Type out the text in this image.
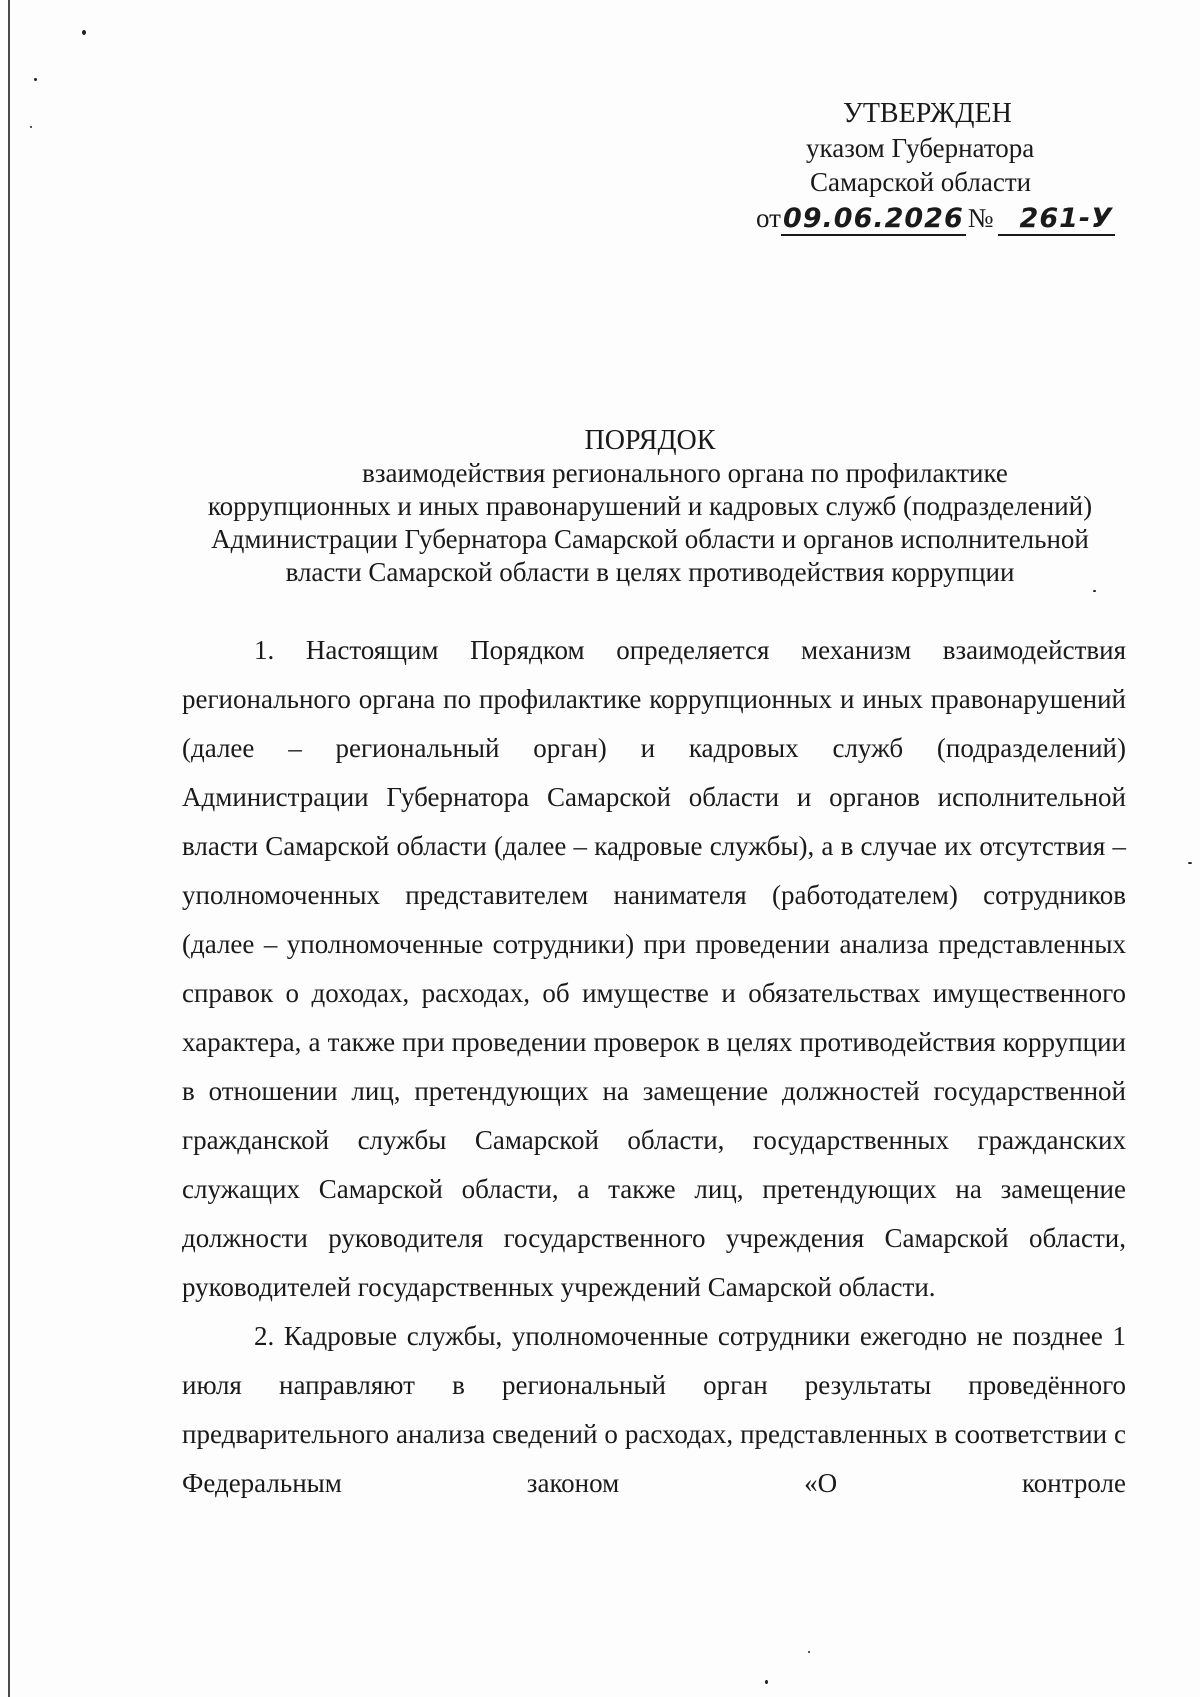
УТВЕРЖДЕН
указом Губернатора
Самарской области
от09.06.2026 № 261-У
ПОРЯДОК
взаимодействия регионального органа по профилактике
коррупционных и иных правонарушений и кадровых служб (подразделений)
Администрации Губернатора Самарской области и органов исполнительной
власти Самарской области в целях противодействия коррупции

1. Настоящим Порядком определяется механизм взаимодействия регионального органа по профилактике коррупционных и иных правонарушений (далее – региональный орган) и кадровых служб (подразделений) Администрации Губернатора Самарской области и органов исполнительной власти Самарской области (далее – кадровые службы), а в случае их отсутствия – уполномоченных представителем нанимателя (работодателем) сотрудников (далее – уполномоченные сотрудники) при проведении анализа представленных справок о доходах, расходах, об имуществе и обязательствах имущественного характера, а также при проведении проверок в целях противодействия коррупции в отношении лиц, претендующих на замещение должностей государственной гражданской службы Самарской области, государственных гражданских служащих Самарской области, а также лиц, претендующих на замещение должности руководителя государственного учреждения Самарской области, руководителей государственных учреждений Самарской области.

2. Кадровые службы, уполномоченные сотрудники ежегодно не позднее 1 июля направляют в региональный орган результаты проведённого предварительного анализа сведений о расходах, представленных в соответствии с Федеральным законом «О контроле
